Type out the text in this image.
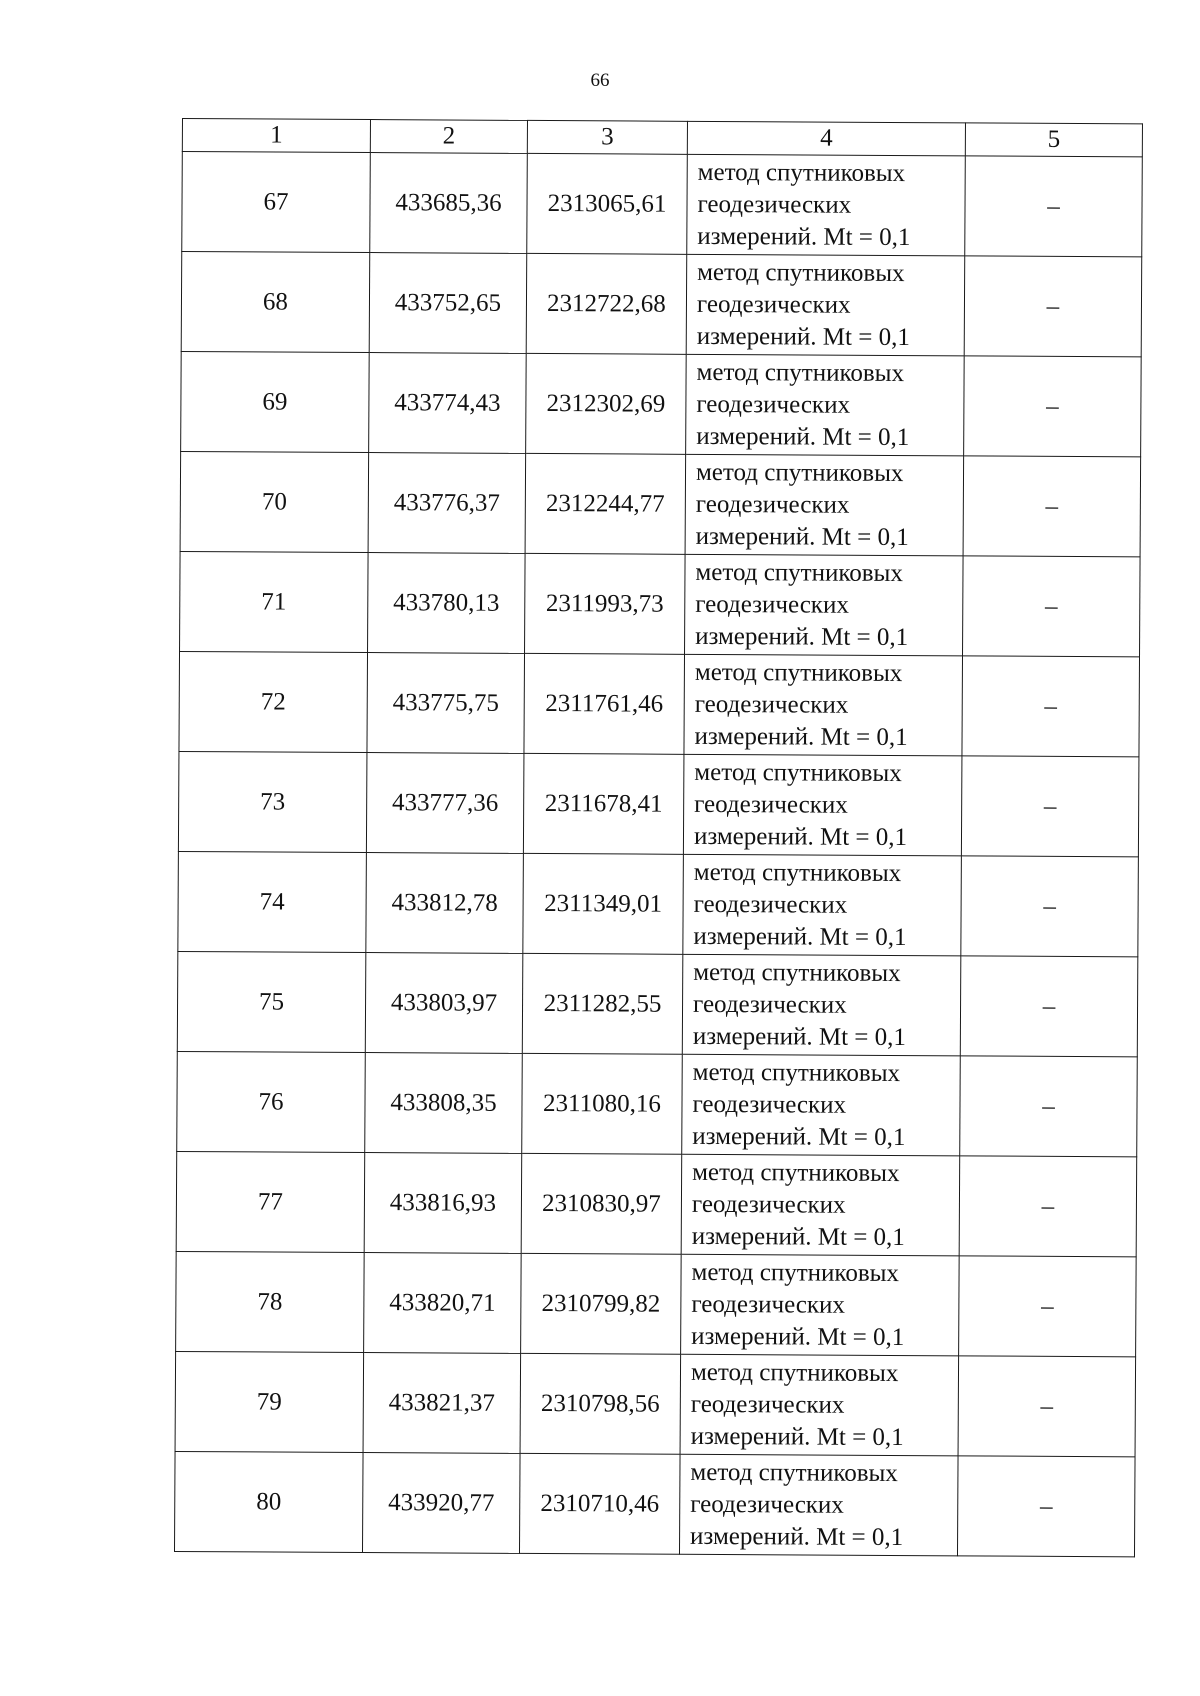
66
1	2	3	4	5
67	433685,36	2313065,61	метод спутниковых
геодезических
измерений. Mt = 0,1	–
68	433752,65	2312722,68	метод спутниковых
геодезических
измерений. Mt = 0,1	–
69	433774,43	2312302,69	метод спутниковых
геодезических
измерений. Mt = 0,1	–
70	433776,37	2312244,77	метод спутниковых
геодезических
измерений. Mt = 0,1	–
71	433780,13	2311993,73	метод спутниковых
геодезических
измерений. Mt = 0,1	–
72	433775,75	2311761,46	метод спутниковых
геодезических
измерений. Mt = 0,1	–
73	433777,36	2311678,41	метод спутниковых
геодезических
измерений. Mt = 0,1	–
74	433812,78	2311349,01	метод спутниковых
геодезических
измерений. Mt = 0,1	–
75	433803,97	2311282,55	метод спутниковых
геодезических
измерений. Mt = 0,1	–
76	433808,35	2311080,16	метод спутниковых
геодезических
измерений. Mt = 0,1	–
77	433816,93	2310830,97	метод спутниковых
геодезических
измерений. Mt = 0,1	–
78	433820,71	2310799,82	метод спутниковых
геодезических
измерений. Mt = 0,1	–
79	433821,37	2310798,56	метод спутниковых
геодезических
измерений. Mt = 0,1	–
80	433920,77	2310710,46	метод спутниковых
геодезических
измерений. Mt = 0,1	–
